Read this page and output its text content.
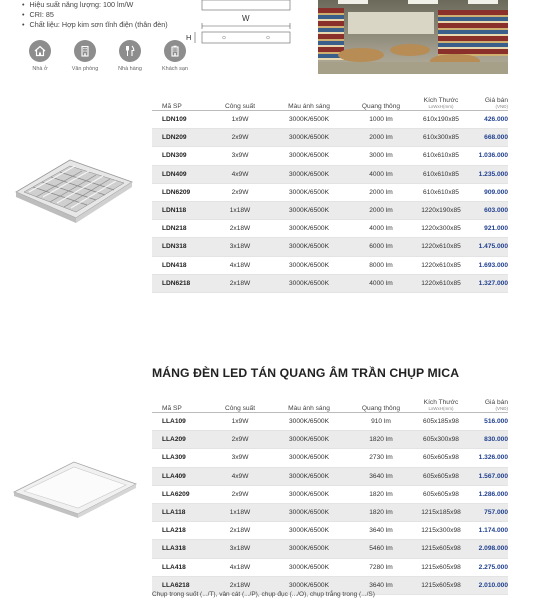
• Hiệu suất năng lượng: 100 lm/W
• CRI: 85
• Chất liệu: Hợp kim sơn tĩnh điện (thân đèn)
Nhà ở	Văn phòng	Nhà hàng	Khách sạn
W
H
Mã SP	Công suất	Màu ánh sáng	Quang thông
Kích Thước
LxWxH(mm)
Giá bán
(VNĐ)
LDN109	1x9W	3000K/6500K	1000 lm	610x190x85	426.000
LDN209	2x9W	3000K/6500K	2000 lm	610x300x85	668.000
LDN309	3x9W	3000K/6500K	3000 lm	610x610x85	1.036.000
LDN409	4x9W	3000K/6500K	4000 lm	610x610x85	1.235.000
LDN6209	2x9W	3000K/6500K	2000 lm	610x610x85	909.000
LDN118	1x18W	3000K/6500K	2000 lm	1220x190x85	603.000
LDN218	2x18W	3000K/6500K	4000 lm	1220x300x85	921.000
LDN318	3x18W	3000K/6500K	6000 lm	1220x610x85	1.475.000
LDN418	4x18W	3000K/6500K	8000 lm	1220x610x85	1.693.000
LDN6218	2x18W	3000K/6500K	4000 lm	1220x610x85	1.327.000
MÁNG ĐÈN LED TÁN QUANG ÂM TRẦN CHỤP MICA
Mã SP	Công suất	Màu ánh sáng	Quang thông
Kích Thước
LxWxH(mm)
Giá bán
(VNĐ)
LLA109	1x9W	3000K/6500K	910 lm	605x185x98	516.000
LLA209	2x9W	3000K/6500K	1820 lm	605x300x98	830.000
LLA309	3x9W	3000K/6500K	2730 lm	605x605x98	1.326.000
LLA409	4x9W	3000K/6500K	3640 lm	605x605x98	1.567.000
LLA6209	2x9W	3000K/6500K	1820 lm	605x605x98	1.286.000
LLA118	1x18W	3000K/6500K	1820 lm	1215x185x98	757.000
LLA218	2x18W	3000K/6500K	3640 lm	1215x300x98	1.174.000
LLA318	3x18W	3000K/6500K	5460 lm	1215x605x98	2.098.000
LLA418	4x18W	3000K/6500K	7280 lm	1215x605x98	2.275.000
LLA6218	2x18W	3000K/6500K	3640 lm	1215x605x98	2.010.000
Chụp trong suốt (.../T), vân cát (.../P), chụp đục (.../O), chụp trắng trong (.../S)
